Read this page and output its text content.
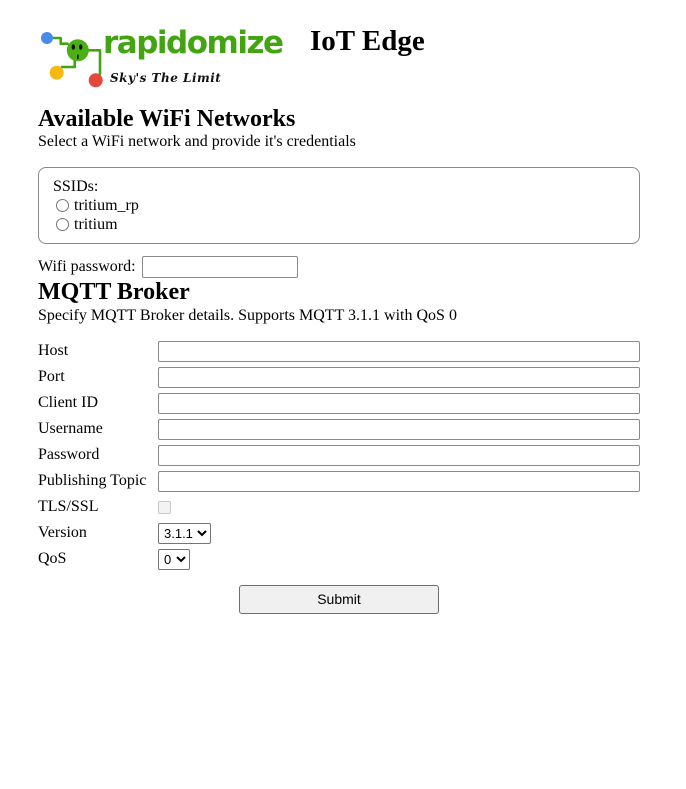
rapidomize
Sky's The Limit
IoT Edge
Available WiFi Networks

Select a WiFi network and provide it's credentials

SSIDs:
tritium_rp
tritium
Wifi password:
MQTT Broker

Specify MQTT Broker details. Supports MQTT 3.1.1 with QoS 0

Host
Port
Client ID
Username
Password
Publishing Topic
TLS/SSL
Version
3.1.1
QoS
0
Submit
